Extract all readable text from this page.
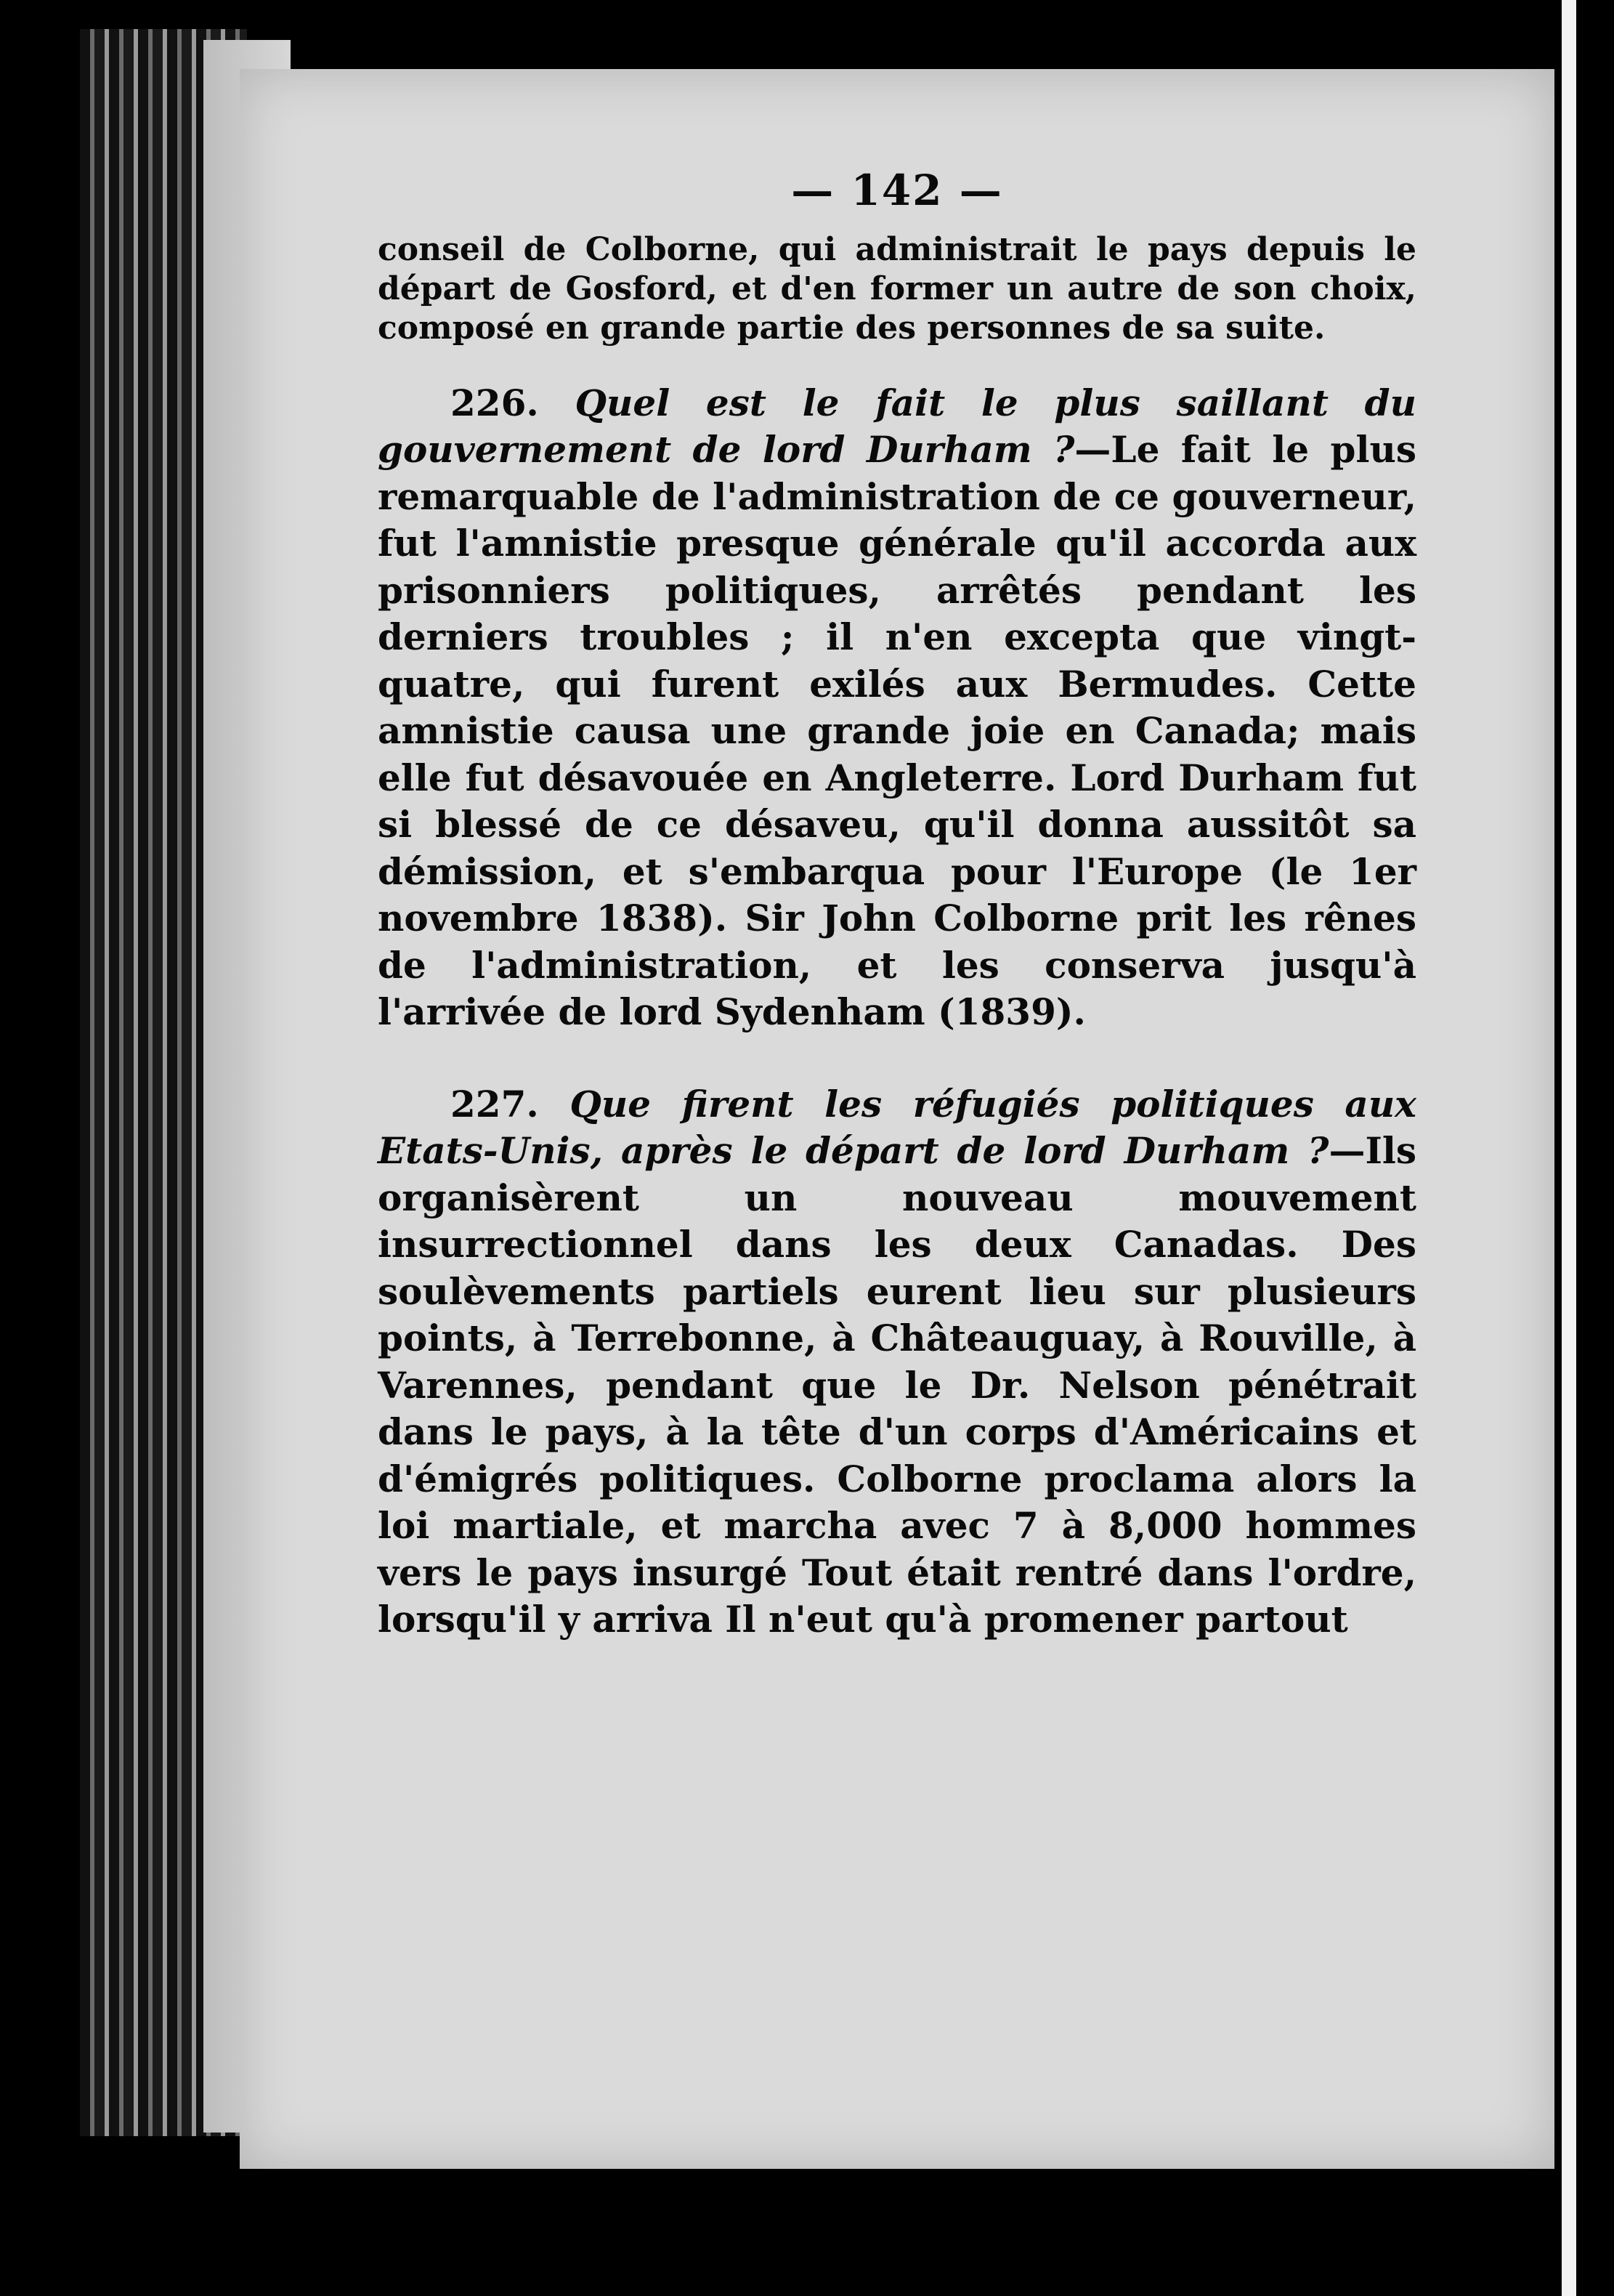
— 142 —

conseil de Colborne, qui administrait le pays depuis le départ de Gosford, et d'en former un autre de son choix, composé en grande partie des personnes de sa suite.

226. Quel est le fait le plus saillant du gouvernement de lord Durham ?—Le fait le plus remarquable de l'administration de ce gouverneur, fut l'amnistie presque générale qu'il accorda aux prisonniers politiques, arrêtés pendant les derniers troubles ; il n'en excepta que vingt-quatre, qui furent exilés aux Bermudes. Cette amnistie causa une grande joie en Canada; mais elle fut désavouée en Angleterre. Lord Durham fut si blessé de ce désaveu, qu'il donna aussitôt sa démission, et s'embarqua pour l'Europe (le 1er novembre 1838). Sir John Colborne prit les rênes de l'administration, et les conserva jusqu'à l'arrivée de lord Sydenham (1839).

227. Que firent les réfugiés politiques aux Etats-Unis, après le départ de lord Durham ?—Ils organisèrent un nouveau mouvement insurrectionnel dans les deux Canadas. Des soulèvements partiels eurent lieu sur plusieurs points, à Terrebonne, à Châteauguay, à Rouville, à Varennes, pendant que le Dr. Nelson pénétrait dans le pays, à la tête d'un corps d'Américains et d'émigrés politiques. Colborne proclama alors la loi martiale, et marcha avec 7 à 8,000 hommes vers le pays insurgé Tout était rentré dans l'ordre, lorsqu'il y arriva Il n'eut qu'à promener partout
